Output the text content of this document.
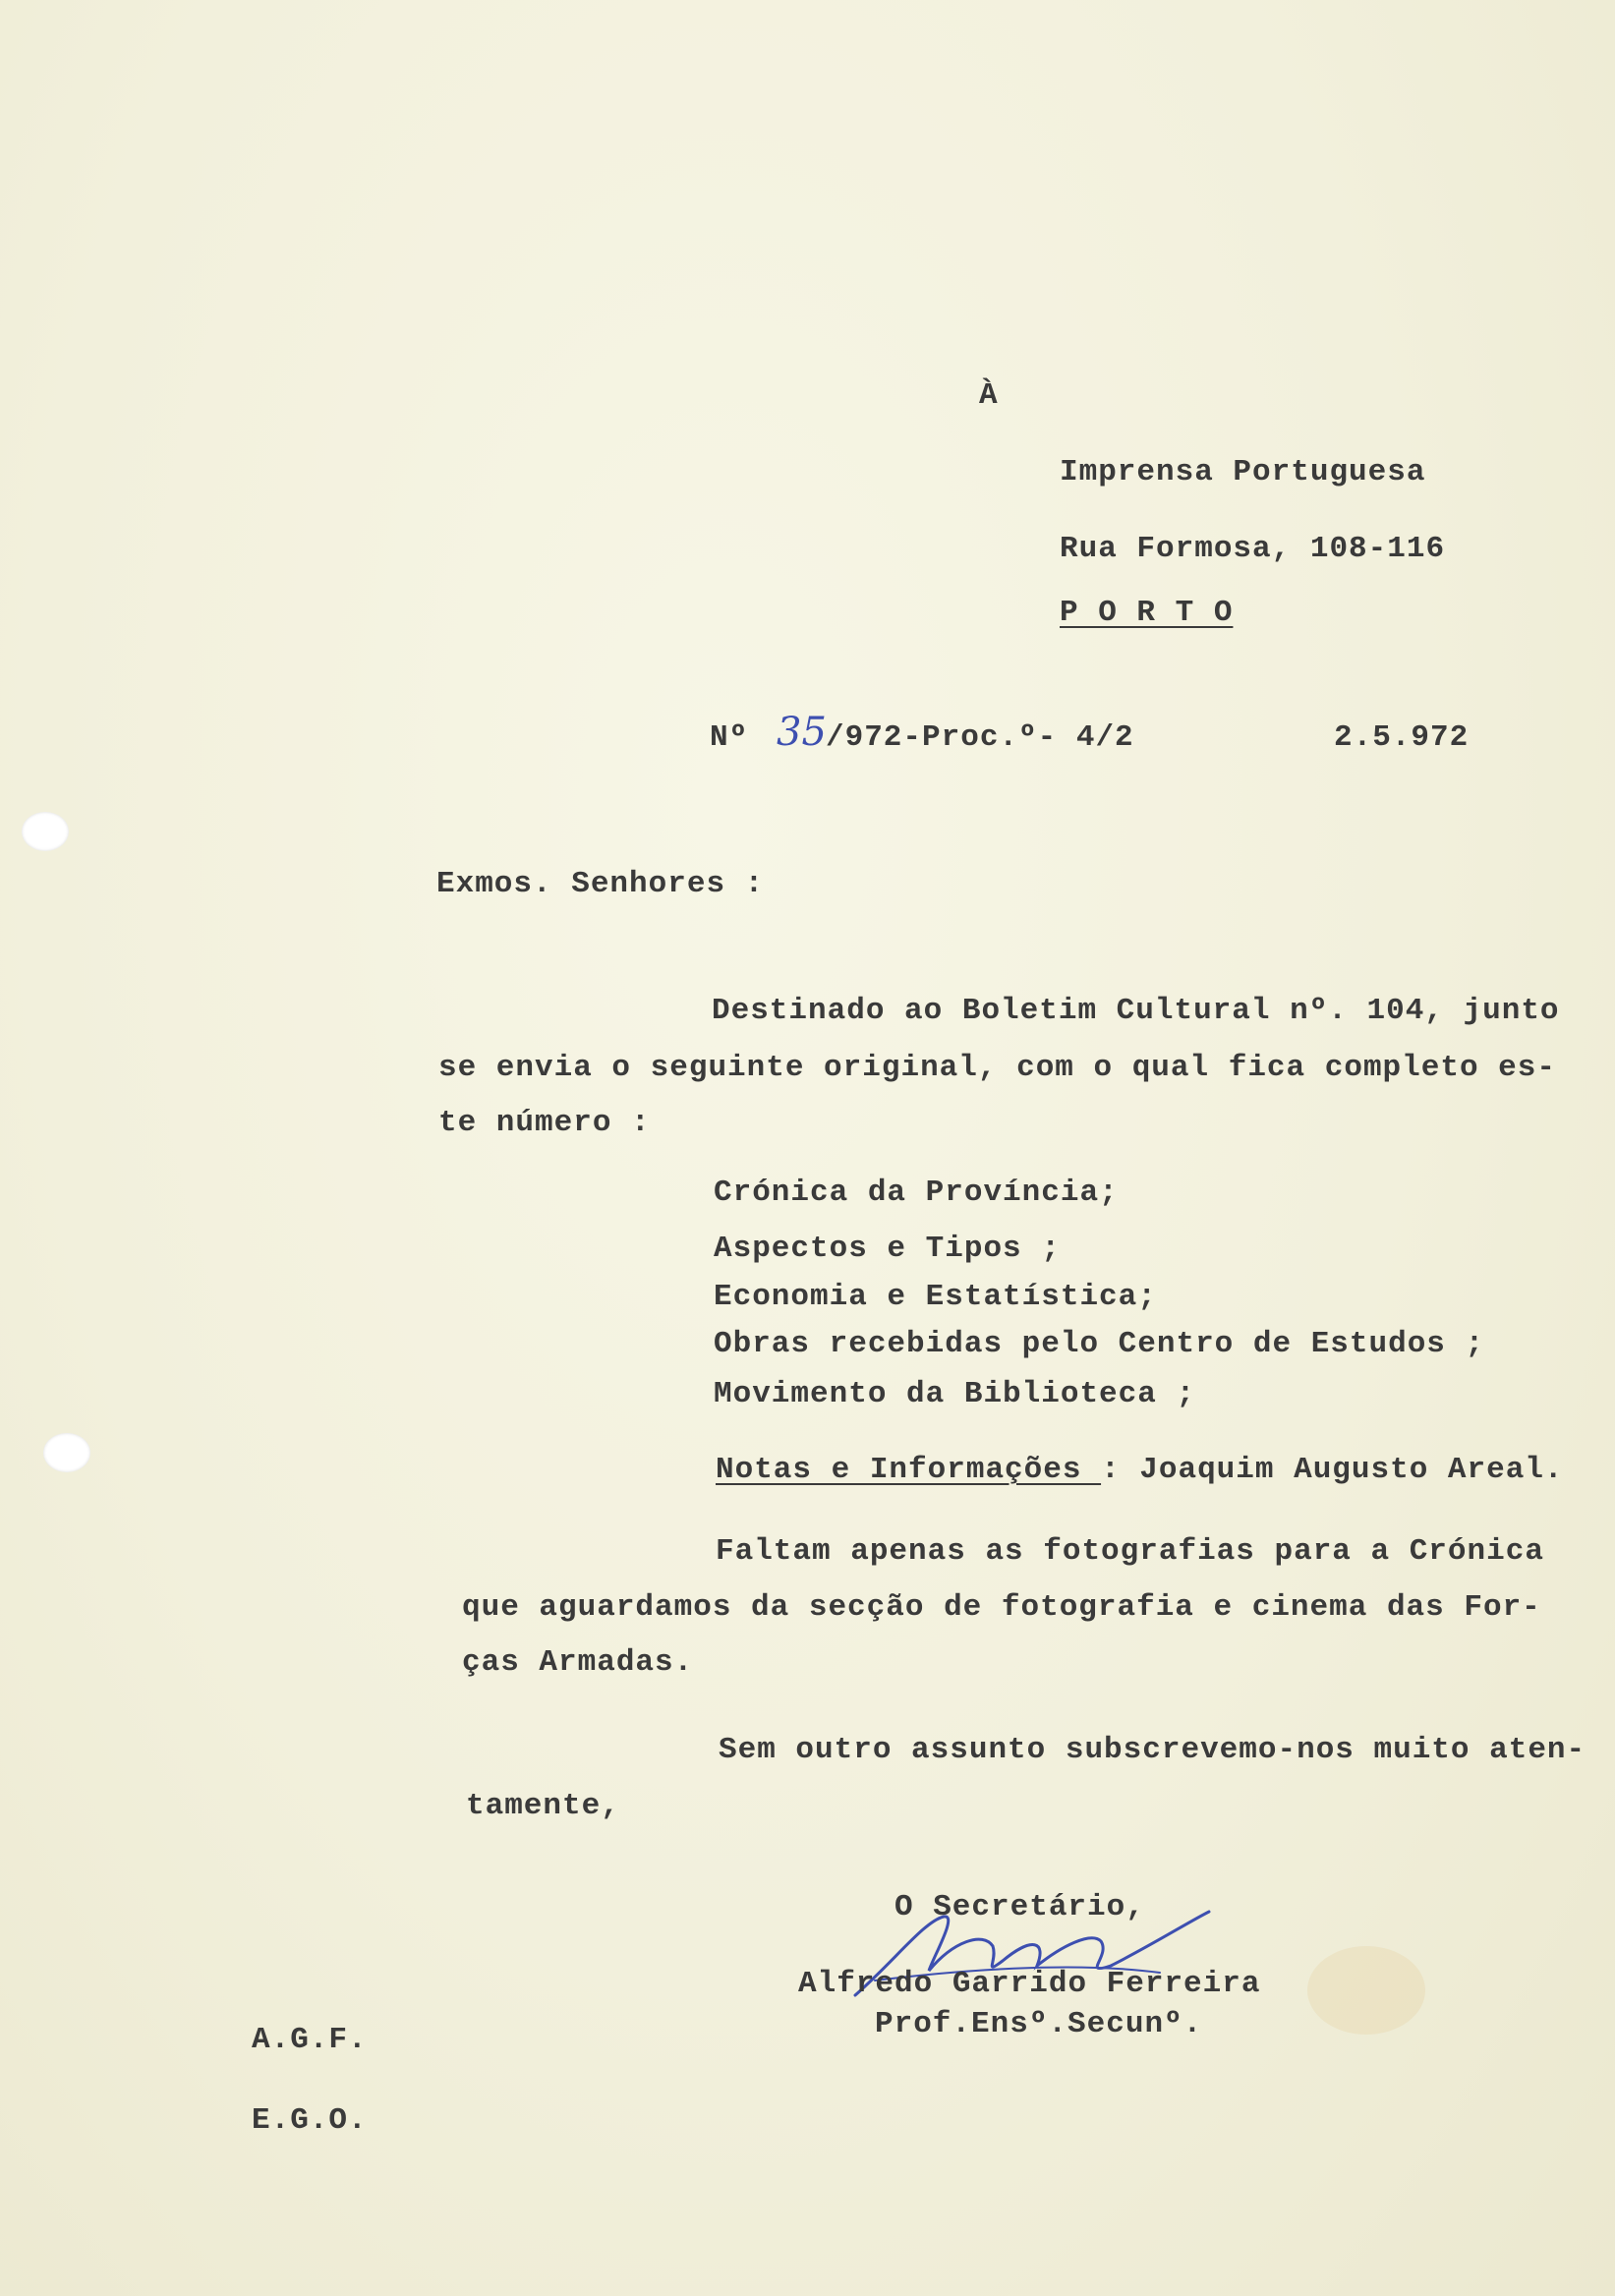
À
Imprensa Portuguesa
Rua Formosa, 108-116
P O R T O
Nº 35 /972-Proc.º- 4/2	2.5.972
Exmos. Senhores :
Destinado ao Boletim Cultural nº. 104, junto
se envia o seguinte original, com o qual fica completo es-
te número :
Crónica da Província;
Aspectos e Tipos ;
Economia e Estatística;
Obras recebidas pelo Centro de Estudos ;
Movimento da Biblioteca ;
Notas e Informações : Joaquim Augusto Areal.
Faltam apenas as fotografias para a Crónica
que aguardamos da secção de fotografia e cinema das For-
ças Armadas.
Sem outro assunto subscrevemo-nos muito aten-
tamente,
O Secretário,
Alfredo Garrido Ferreira
Prof.Ensº.Secunº.
A.G.F.
E.G.O.
